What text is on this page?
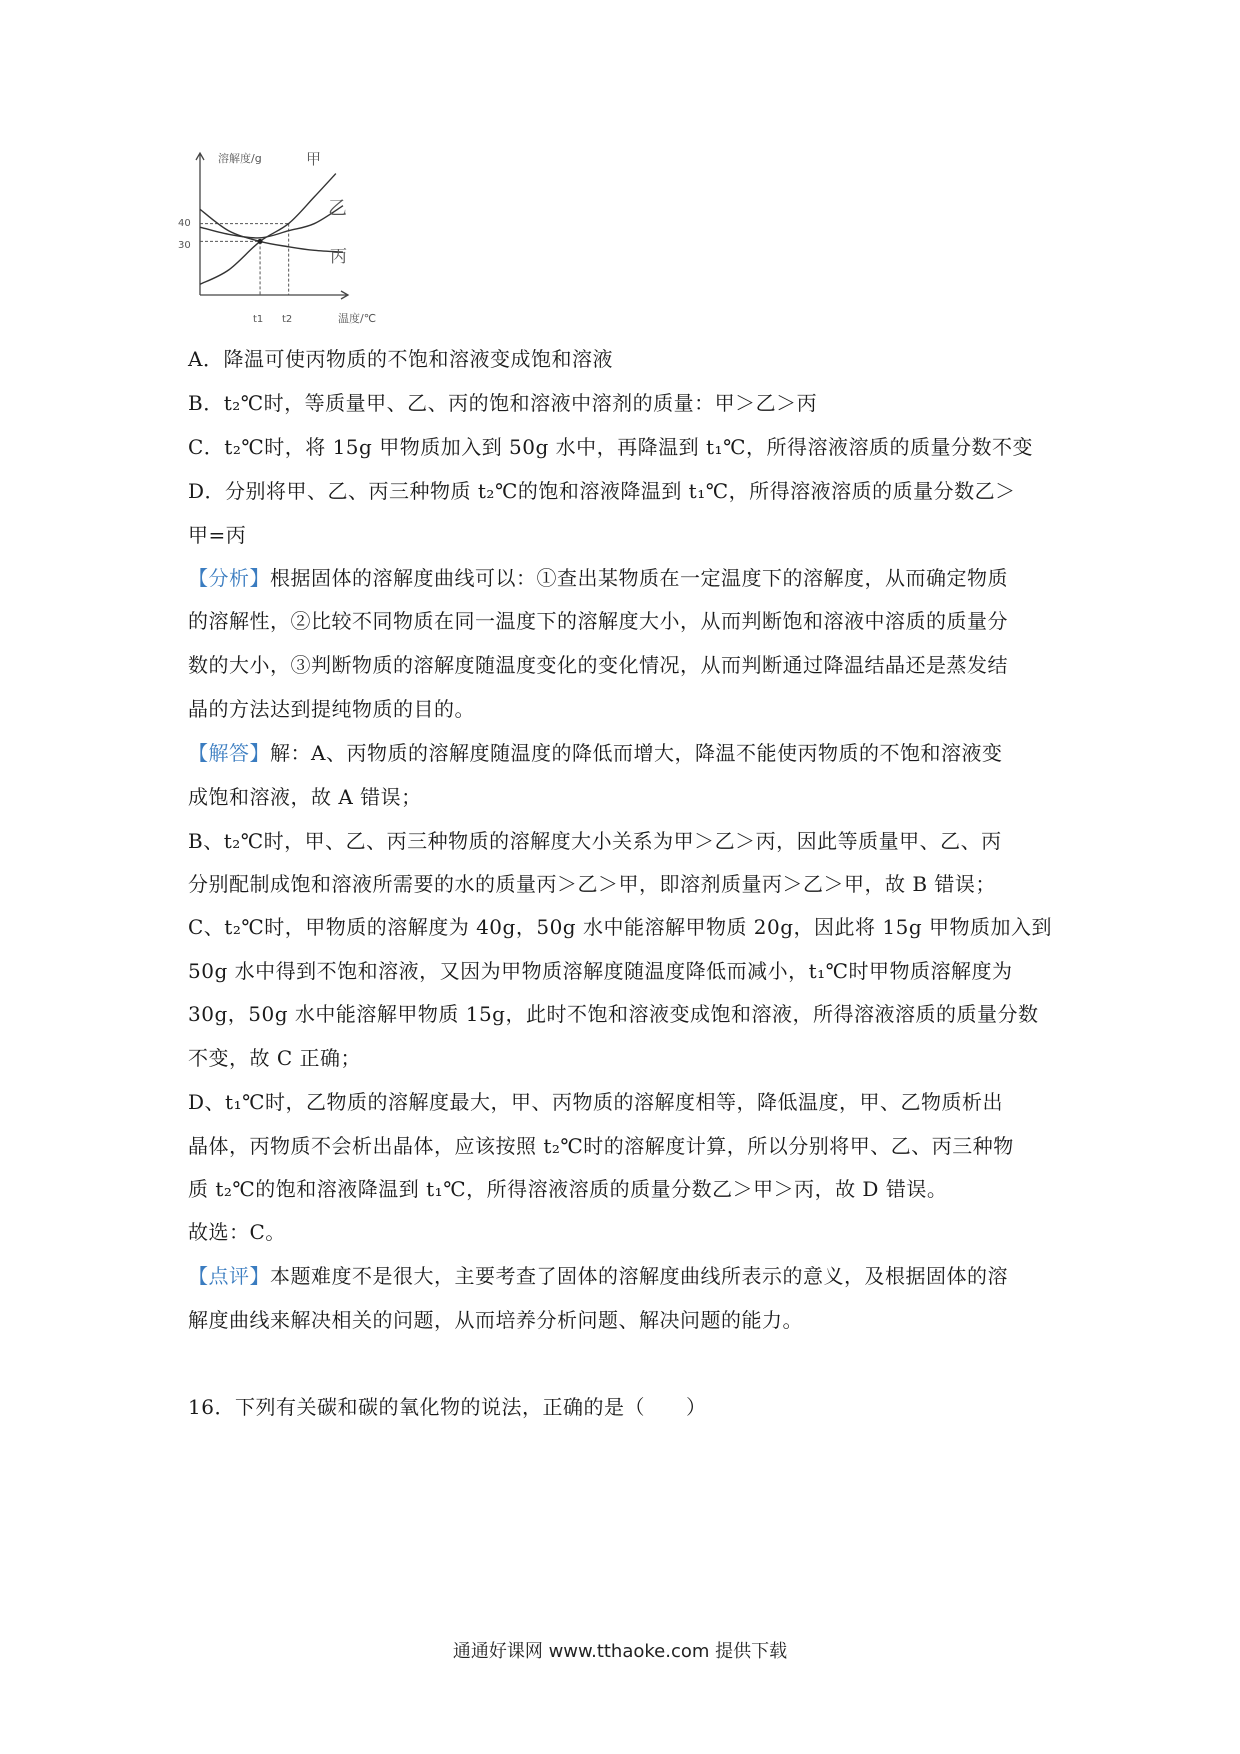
溶解度/g
温度/℃
40
30
t1 t2
甲
乙
丙
A．降温可使丙物质的不饱和溶液变成饱和溶液
B．t₂℃时，等质量甲、乙、丙的饱和溶液中溶剂的质量：甲＞乙＞丙
C．t₂℃时，将 15g 甲物质加入到 50g 水中，再降温到 t₁℃，所得溶液溶质的质量分数不变
D．分别将甲、乙、丙三种物质 t₂℃的饱和溶液降温到 t₁℃，所得溶液溶质的质量分数乙＞
甲=丙
【分析】根据固体的溶解度曲线可以：①查出某物质在一定温度下的溶解度，从而确定物质
的溶解性，②比较不同物质在同一温度下的溶解度大小，从而判断饱和溶液中溶质的质量分
数的大小，③判断物质的溶解度随温度变化的变化情况，从而判断通过降温结晶还是蒸发结
晶的方法达到提纯物质的目的。
【解答】解：A、丙物质的溶解度随温度的降低而增大，降温不能使丙物质的不饱和溶液变
成饱和溶液，故 A 错误；
B、t₂℃时，甲、乙、丙三种物质的溶解度大小关系为甲＞乙＞丙，因此等质量甲、乙、丙
分别配制成饱和溶液所需要的水的质量丙＞乙＞甲，即溶剂质量丙＞乙＞甲，故 B 错误；
C、t₂℃时，甲物质的溶解度为 40g，50g 水中能溶解甲物质 20g，因此将 15g 甲物质加入到
50g 水中得到不饱和溶液，又因为甲物质溶解度随温度降低而减小，t₁℃时甲物质溶解度为
30g，50g 水中能溶解甲物质 15g，此时不饱和溶液变成饱和溶液，所得溶液溶质的质量分数
不变，故 C 正确；
D、t₁℃时，乙物质的溶解度最大，甲、丙物质的溶解度相等，降低温度，甲、乙物质析出
晶体，丙物质不会析出晶体，应该按照 t₂℃时的溶解度计算，所以分别将甲、乙、丙三种物
质 t₂℃的饱和溶液降温到 t₁℃，所得溶液溶质的质量分数乙＞甲＞丙，故 D 错误。
故选：C。
【点评】本题难度不是很大，主要考查了固体的溶解度曲线所表示的意义，及根据固体的溶
解度曲线来解决相关的问题，从而培养分析问题、解决问题的能力。
16．下列有关碳和碳的氧化物的说法，正确的是（　　）
通通好课网 www.tthaoke.com 提供下载
